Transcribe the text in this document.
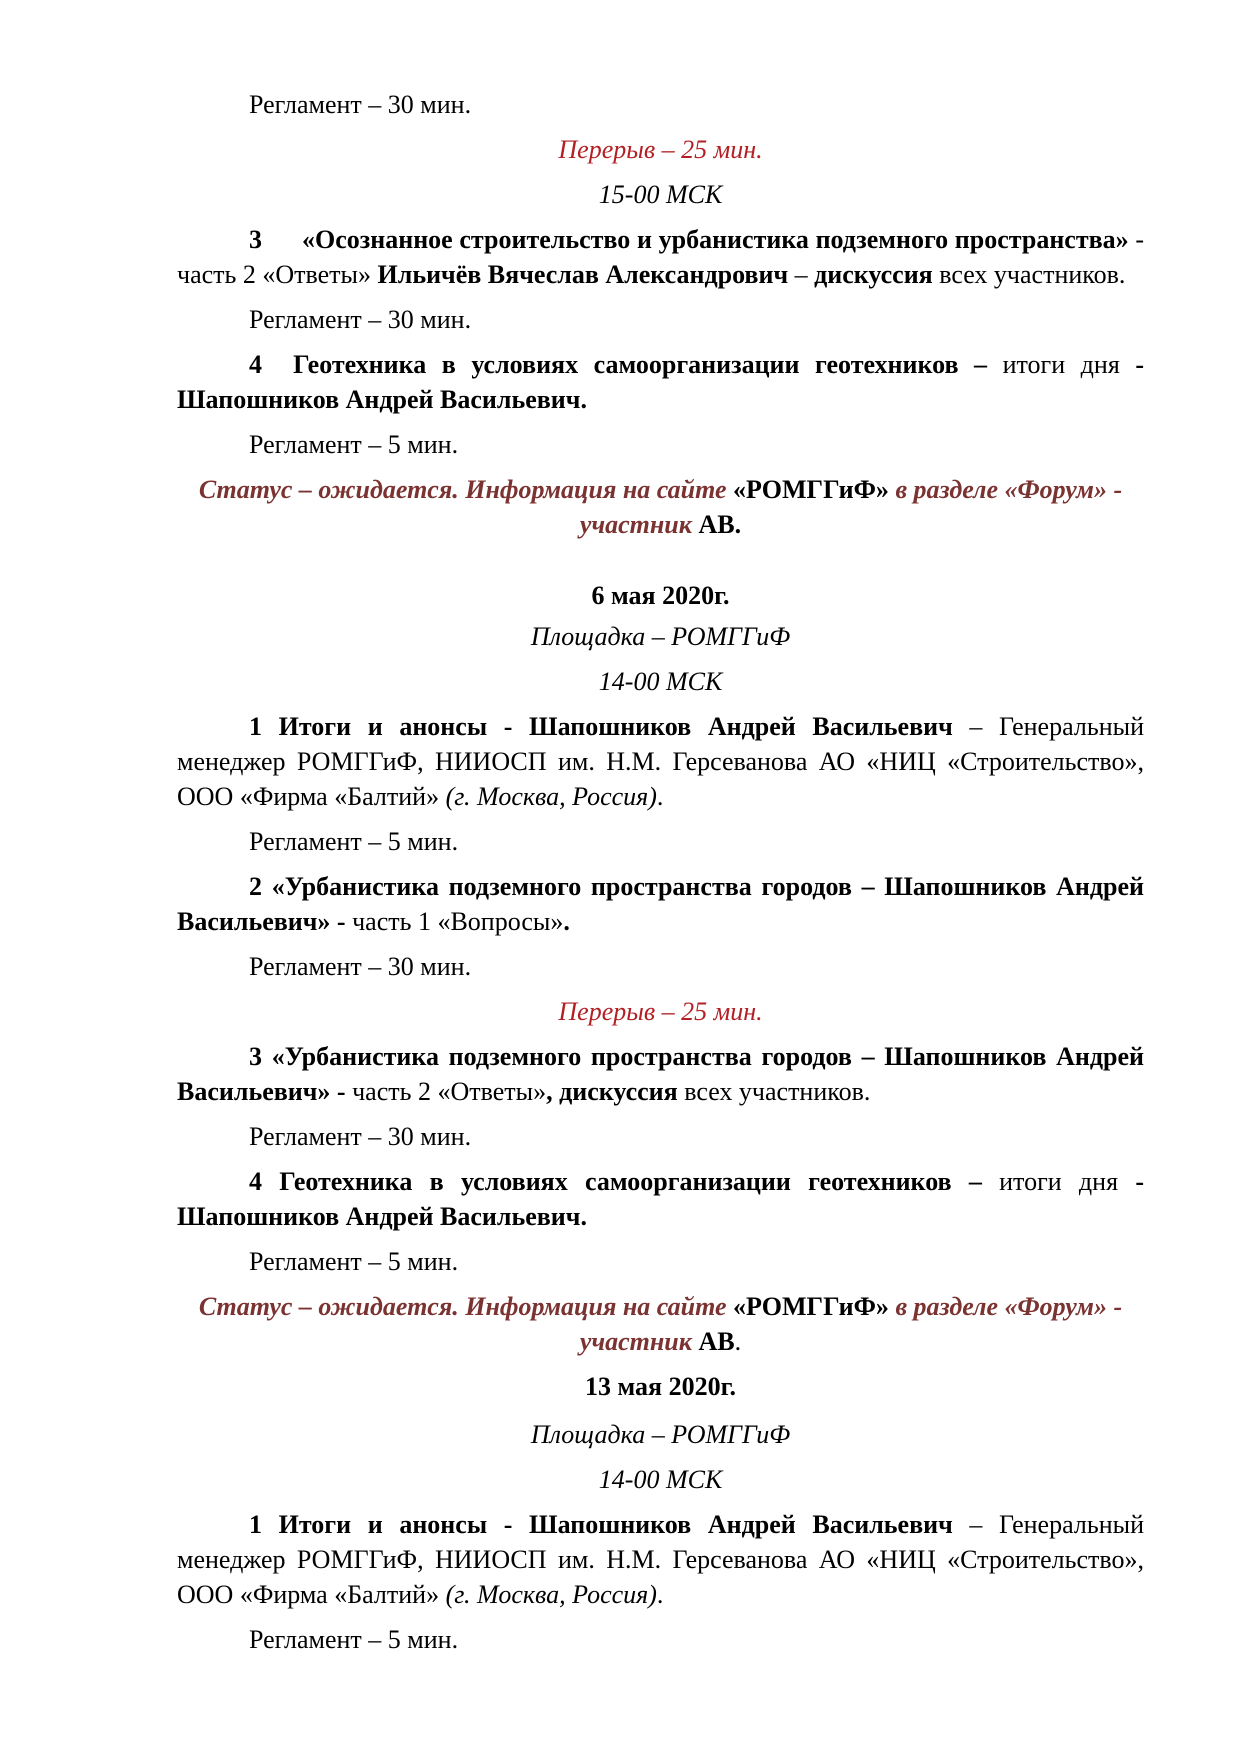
Регламент – 30 мин.

Перерыв – 25 мин.

15-00 МСК

3 «Осознанное строительство и урбанистика подземного пространства» - часть 2 «Ответы» Ильичёв Вячеслав Александрович – дискуссия всех участников.

Регламент – 30 мин.

4 Геотехника в условиях самоорганизации геотехников – итоги дня - Шапошников Андрей Васильевич.

Регламент – 5 мин.

Статус – ожидается. Информация на сайте «РОМГГиФ» в разделе «Форум» - участник АВ.

6 мая 2020г.

Площадка – РОМГГиФ

14-00 МСК

1 Итоги и анонсы - Шапошников Андрей Васильевич – Генеральный менеджер РОМГГиФ, НИИОСП им. Н.М. Герсеванова АО «НИЦ «Строительство», ООО «Фирма «Балтий» (г. Москва, Россия).

Регламент – 5 мин.

2 «Урбанистика подземного пространства городов – Шапошников Андрей Васильевич» - часть 1 «Вопросы».

Регламент – 30 мин.

Перерыв – 25 мин.

3 «Урбанистика подземного пространства городов – Шапошников Андрей Васильевич» - часть 2 «Ответы», дискуссия всех участников.

Регламент – 30 мин.

4 Геотехника в условиях самоорганизации геотехников – итоги дня - Шапошников Андрей Васильевич.

Регламент – 5 мин.

Статус – ожидается. Информация на сайте «РОМГГиФ» в разделе «Форум» - участник АВ.

13 мая 2020г.

Площадка – РОМГГиФ

14-00 МСК

1 Итоги и анонсы - Шапошников Андрей Васильевич – Генеральный менеджер РОМГГиФ, НИИОСП им. Н.М. Герсеванова АО «НИЦ «Строительство», ООО «Фирма «Балтий» (г. Москва, Россия).

Регламент – 5 мин.
